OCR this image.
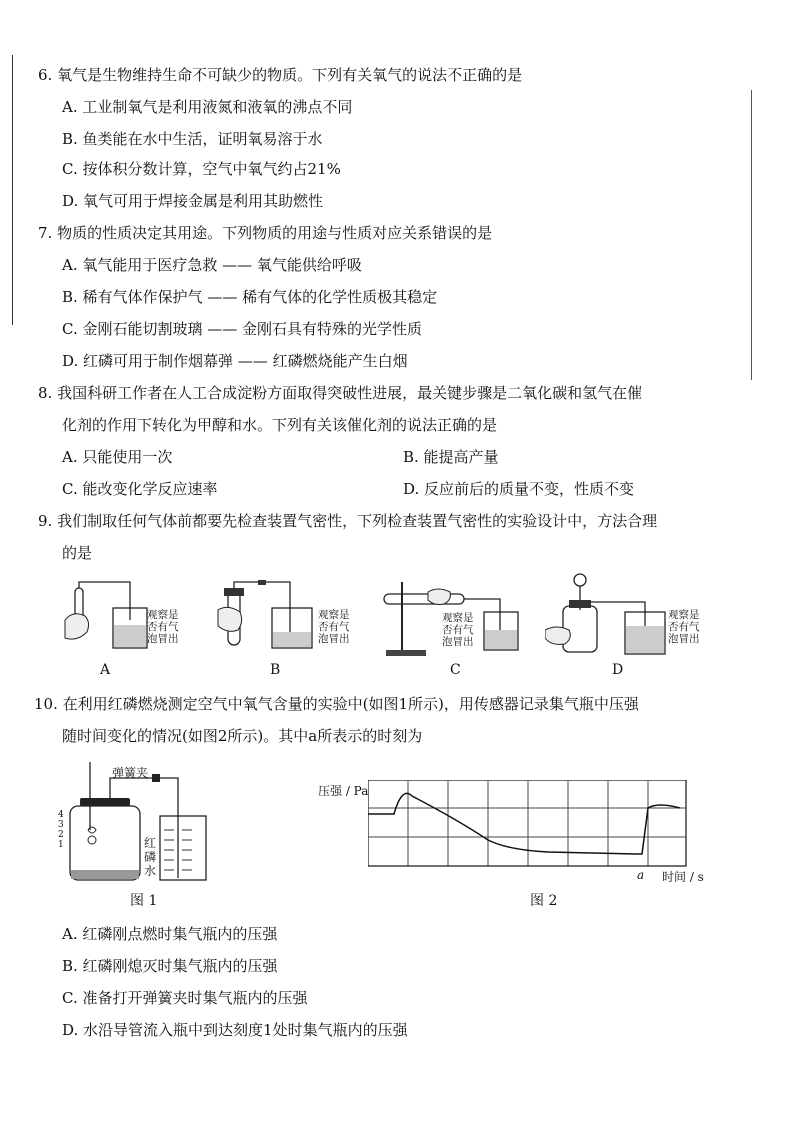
6. 氧气是生物维持生命不可缺少的物质。下列有关氧气的说法不正确的是
A. 工业制氧气是利用液氮和液氧的沸点不同
B. 鱼类能在水中生活，证明氧易溶于水
C. 按体积分数计算，空气中氧气约占21%
D. 氧气可用于焊接金属是利用其助燃性
7. 物质的性质决定其用途。下列物质的用途与性质对应关系错误的是
A. 氧气能用于医疗急救 —— 氧气能供给呼吸
B. 稀有气体作保护气 —— 稀有气体的化学性质极其稳定
C. 金刚石能切割玻璃 —— 金刚石具有特殊的光学性质
D. 红磷可用于制作烟幕弹 —— 红磷燃烧能产生白烟
8. 我国科研工作者在人工合成淀粉方面取得突破性进展，最关键步骤是二氧化碳和氢气在催
化剂的作用下转化为甲醇和水。下列有关该催化剂的说法正确的是
A. 只能使用一次	B. 能提高产量
C. 能改变化学反应速率	D. 反应前后的质量不变，性质不变
9. 我们制取任何气体前都要先检查装置气密性，下列检查装置气密性的实验设计中，方法合理
的是
观察是
否有气
泡冒出
观察是
否有气
泡冒出
观察是
否有气
泡冒出
观察是
否有气
泡冒出
A	B	C	D
10. 在利用红磷燃烧测定空气中氧气含量的实验中(如图1所示)，用传感器记录集气瓶中压强
随时间变化的情况(如图2所示)。其中a所表示的时刻为
弹簧夹
4
3
2
1	红
磷
水
图 1
压强 / Pa
a 时间 / s
图 2
A. 红磷刚点燃时集气瓶内的压强
B. 红磷刚熄灭时集气瓶内的压强
C. 准备打开弹簧夹时集气瓶内的压强
D. 水沿导管流入瓶中到达刻度1处时集气瓶内的压强
